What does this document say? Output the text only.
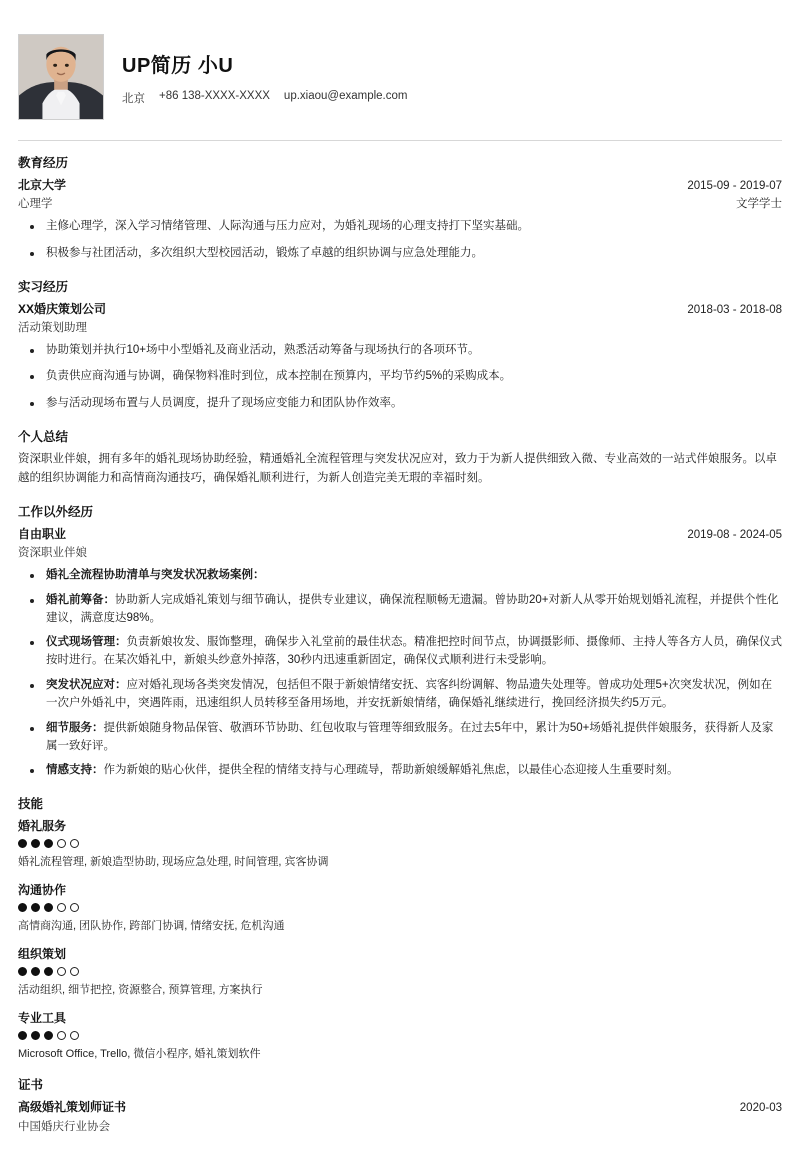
UP简历 小U
北京 +86 138-XXXX-XXXX up.xiaou@example.com
教育经历
北京大学	2015-09 - 2019-07
心理学	文学学士
主修心理学，深入学习情绪管理、人际沟通与压力应对，为婚礼现场的心理支持打下坚实基础。
积极参与社团活动，多次组织大型校园活动，锻炼了卓越的组织协调与应急处理能力。
实习经历
XX婚庆策划公司	2018-03 - 2018-08
活动策划助理
协助策划并执行10+场中小型婚礼及商业活动，熟悉活动筹备与现场执行的各项环节。
负责供应商沟通与协调，确保物料准时到位，成本控制在预算内，平均节约5%的采购成本。
参与活动现场布置与人员调度，提升了现场应变能力和团队协作效率。
个人总结

资深职业伴娘，拥有多年的婚礼现场协助经验，精通婚礼全流程管理与突发状况应对，致力于为新人提供细致入微、专业高效的一站式伴娘服务。以卓越的组织协调能力和高情商沟通技巧，确保婚礼顺利进行，为新人创造完美无瑕的幸福时刻。

工作以外经历
自由职业	2019-08 - 2024-05
资深职业伴娘
婚礼全流程协助清单与突发状况救场案例：
婚礼前筹备：协助新人完成婚礼策划与细节确认，提供专业建议，确保流程顺畅无遗漏。曾协助20+对新人从零开始规划婚礼流程，并提供个性化建议，满意度达98%。
仪式现场管理：负责新娘妆发、服饰整理，确保步入礼堂前的最佳状态。精准把控时间节点，协调摄影师、摄像师、主持人等各方人员，确保仪式按时进行。在某次婚礼中，新娘头纱意外掉落，30秒内迅速重新固定，确保仪式顺利进行未受影响。
突发状况应对：应对婚礼现场各类突发情况，包括但不限于新娘情绪安抚、宾客纠纷调解、物品遗失处理等。曾成功处理5+次突发状况，例如在一次户外婚礼中，突遇阵雨，迅速组织人员转移至备用场地，并安抚新娘情绪，确保婚礼继续进行，挽回经济损失约5万元。
细节服务：提供新娘随身物品保管、敬酒环节协助、红包收取与管理等细致服务。在过去5年中，累计为50+场婚礼提供伴娘服务，获得新人及家属一致好评。
情感支持：作为新娘的贴心伙伴，提供全程的情绪支持与心理疏导，帮助新娘缓解婚礼焦虑，以最佳心态迎接人生重要时刻。
技能
婚礼服务
婚礼流程管理, 新娘造型协助, 现场应急处理, 时间管理, 宾客协调
沟通协作
高情商沟通, 团队协作, 跨部门协调, 情绪安抚, 危机沟通
组织策划
活动组织, 细节把控, 资源整合, 预算管理, 方案执行
专业工具
Microsoft Office, Trello, 微信小程序, 婚礼策划软件
证书
高级婚礼策划师证书	2020-03
中国婚庆行业协会
